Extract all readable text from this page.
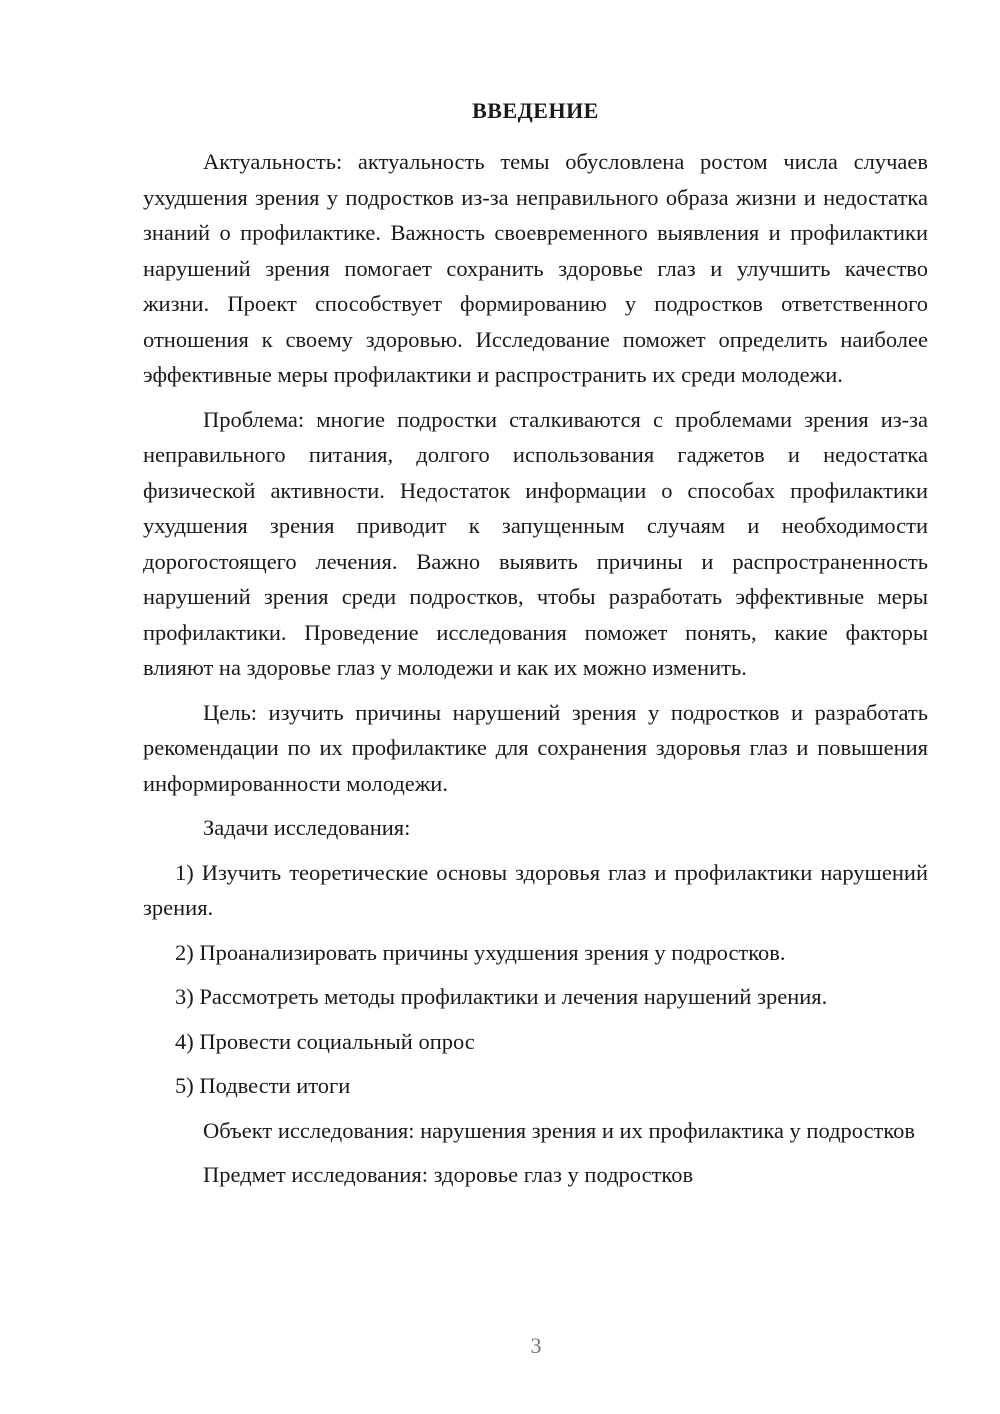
ВВЕДЕНИЕ

Актуальность: актуальность темы обусловлена ростом числа случаев ухудшения зрения у подростков из-за неправильного образа жизни и недостатка знаний о профилактике. Важность своевременного выявления и профилактики нарушений зрения помогает сохранить здоровье глаз и улучшить качество жизни. Проект способствует формированию у подростков ответственного отношения к своему здоровью. Исследование поможет определить наиболее эффективные меры профилактики и распространить их среди молодежи.

Проблема: многие подростки сталкиваются с проблемами зрения из-за неправильного питания, долгого использования гаджетов и недостатка физической активности. Недостаток информации о способах профилактики ухудшения зрения приводит к запущенным случаям и необходимости дорогостоящего лечения. Важно выявить причины и распространенность нарушений зрения среди подростков, чтобы разработать эффективные меры профилактики. Проведение исследования поможет понять, какие факторы влияют на здоровье глаз у молодежи и как их можно изменить.

Цель: изучить причины нарушений зрения у подростков и разработать рекомендации по их профилактике для сохранения здоровья глаз и повышения информированности молодежи.

Задачи исследования:

1) Изучить теоретические основы здоровья глаз и профилактики нарушений зрения.

2) Проанализировать причины ухудшения зрения у подростков.

3) Рассмотреть методы профилактики и лечения нарушений зрения.

4) Провести социальный опрос

5) Подвести итоги

Объект исследования: нарушения зрения и их профилактика у подростков

Предмет исследования: здоровье глаз у подростков

3
